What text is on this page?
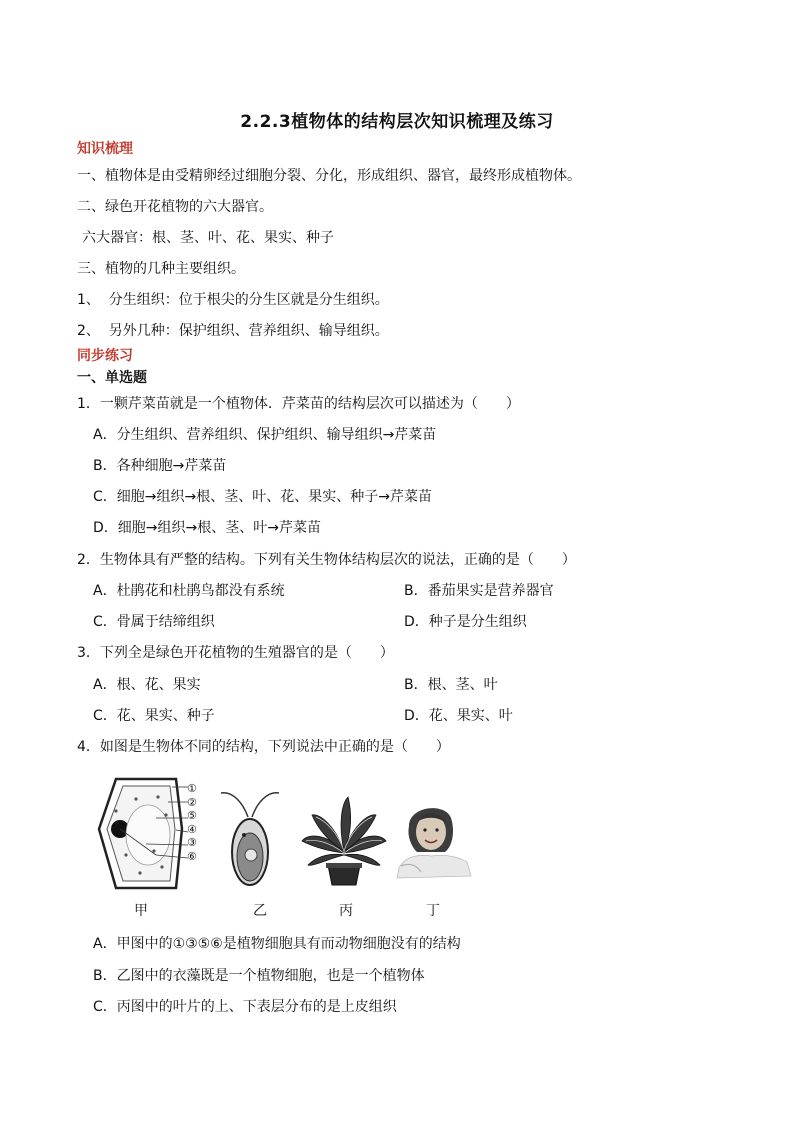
2.2.3植物体的结构层次知识梳理及练习
知识梳理
一、植物体是由受精卵经过细胞分裂、分化，形成组织、器官，最终形成植物体。
二、绿色开花植物的六大器官。
六大器官：根、茎、叶、花、果实、种子
三、植物的几种主要组织。
1、  分生组织：位于根尖的分生区就是分生组织。
2、  另外几种：保护组织、营养组织、输导组织。
同步练习
一、单选题
1．一颗芹菜苗就是一个植物体．芹菜苗的结构层次可以描述为（　　）
A．分生组织、营养组织、保护组织、输导组织→芹菜苗
B．各种细胞→芹菜苗
C．细胞→组织→根、茎、叶、花、果实、种子→芹菜苗
D．细胞→组织→根、茎、叶→芹菜苗
2．生物体具有严整的结构。下列有关生物体结构层次的说法，正确的是（　　）
A．杜鹃花和杜鹃鸟都没有系统	B．番茄果实是营养器官
C．骨属于结缔组织	D．种子是分生组织
3．下列全是绿色开花植物的生殖器官的是（　　）
A．根、花、果实	B．根、茎、叶
C．花、果实、种子	D．花、果实、叶
4．如图是生物体不同的结构，下列说法中正确的是（　　）
①
②
⑤
④
③
⑥
甲	乙	丙	丁
A．甲图中的①③⑤⑥是植物细胞具有而动物细胞没有的结构
B．乙图中的衣藻既是一个植物细胞，也是一个植物体
C．丙图中的叶片的上、下表层分布的是上皮组织
